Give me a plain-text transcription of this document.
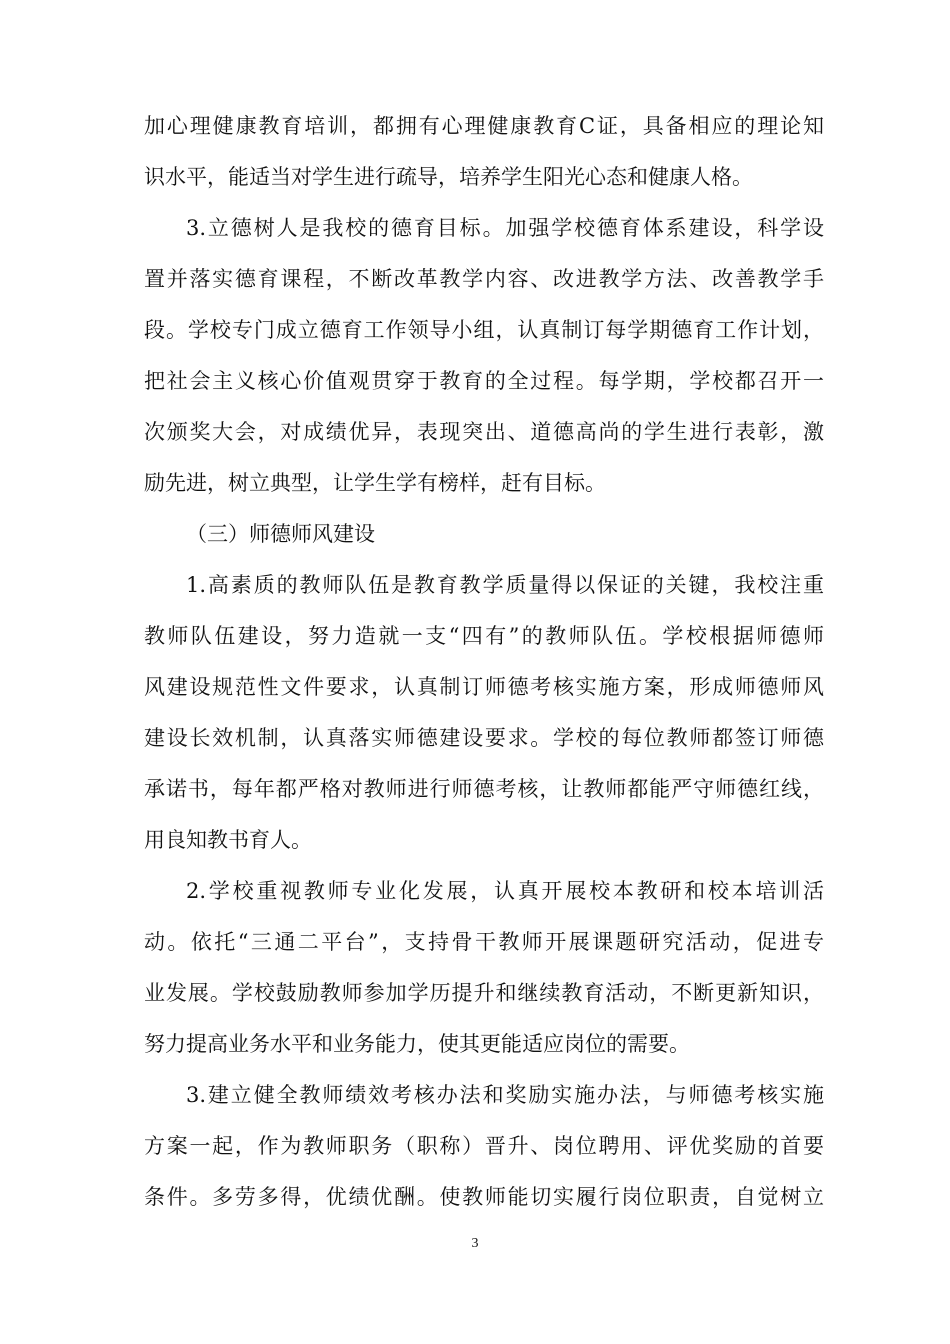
加心理健康教育培训，都拥有心理健康教育C证，具备相应的理论知
识水平，能适当对学生进行疏导，培养学生阳光心态和健康人格。

3.立德树人是我校的德育目标。加强学校德育体系建设，科学设
置并落实德育课程，不断改革教学内容、改进教学方法、改善教学手
段。学校专门成立德育工作领导小组，认真制订每学期德育工作计划，
把社会主义核心价值观贯穿于教育的全过程。每学期，学校都召开一
次颁奖大会，对成绩优异，表现突出、道德高尚的学生进行表彰，激
励先进，树立典型，让学生学有榜样，赶有目标。

（三）师德师风建设

1.高素质的教师队伍是教育教学质量得以保证的关键，我校注重
教师队伍建设，努力造就一支“四有”的教师队伍。学校根据师德师
风建设规范性文件要求，认真制订师德考核实施方案，形成师德师风
建设长效机制，认真落实师德建设要求。学校的每位教师都签订师德
承诺书，每年都严格对教师进行师德考核，让教师都能严守师德红线，
用良知教书育人。

2.学校重视教师专业化发展，认真开展校本教研和校本培训活
动。依托“三通二平台”，支持骨干教师开展课题研究活动，促进专
业发展。学校鼓励教师参加学历提升和继续教育活动，不断更新知识，
努力提高业务水平和业务能力，使其更能适应岗位的需要。

3.建立健全教师绩效考核办法和奖励实施办法，与师德考核实施
方案一起，作为教师职务（职称）晋升、岗位聘用、评优奖励的首要
条件。多劳多得，优绩优酬。使教师能切实履行岗位职责，自觉树立

3
